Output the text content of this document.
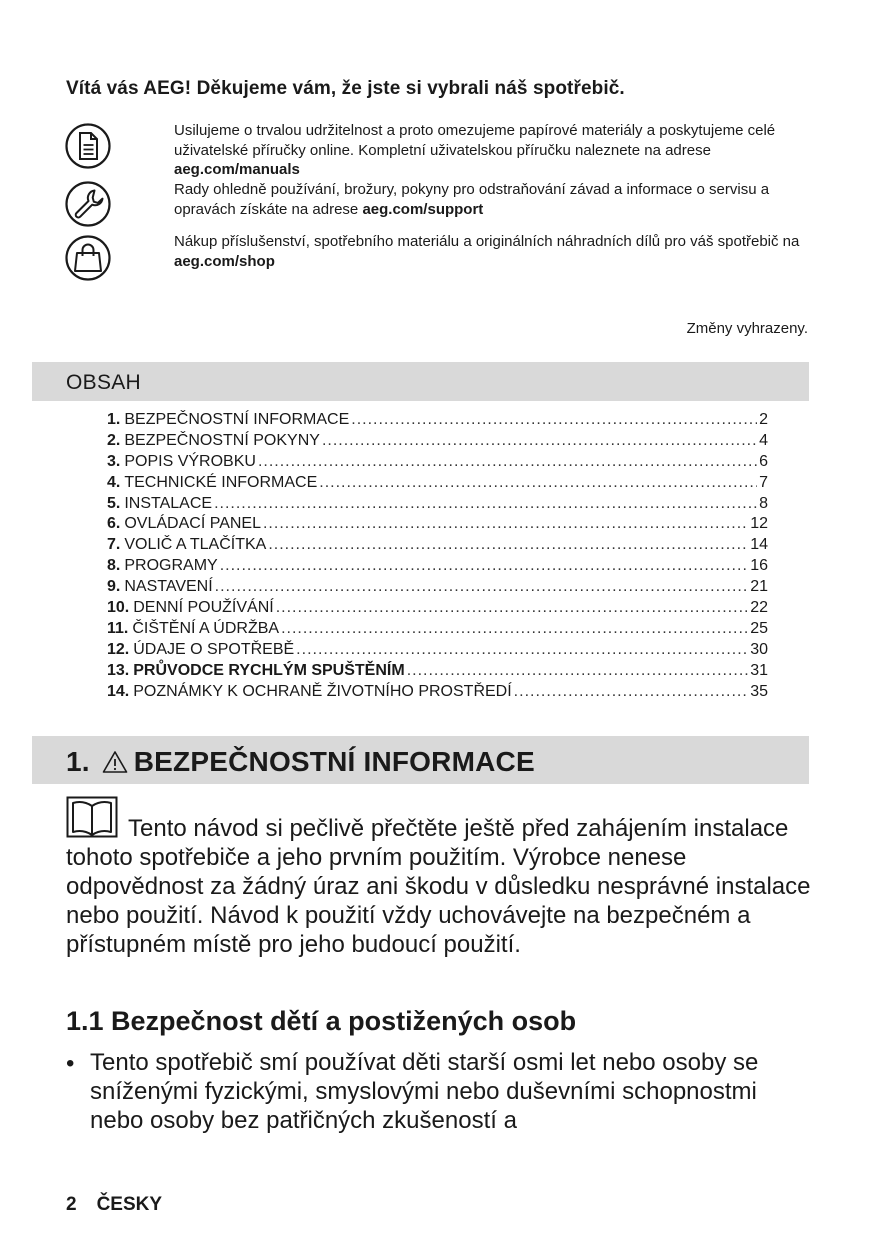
Vítá vás AEG! Děkujeme vám, že jste si vybrali náš spotřebič.
Usilujeme o trvalou udržitelnost a proto omezujeme papírové materiály a poskytujeme celé uživatelské příručky online. Kompletní uživatelskou příručku naleznete na adrese aeg.com/manuals
Rady ohledně používání, brožury, pokyny pro odstraňování závad a informace o servisu a opravách získáte na adrese aeg.com/support
Nákup příslušenství, spotřebního materiálu a originálních náhradních dílů pro váš spotřebič na aeg.com/shop
Změny vyhrazeny.
OBSAH
1. BEZPEČNOSTNÍ INFORMACE .....	2
2. BEZPEČNOSTNÍ POKYNY .....	4
3. POPIS VÝROBKU .....	6
4. TECHNICKÉ INFORMACE .....	7
5. INSTALACE .....	8
6. OVLÁDACÍ PANEL .....	12
7. VOLIČ A TLAČÍTKA .....	14
8. PROGRAMY .....	16
9. NASTAVENÍ .....	21
10. DENNÍ POUŽÍVÁNÍ .....	22
11. ČIŠTĚNÍ A ÚDRŽBA .....	25
12. ÚDAJE O SPOTŘEBĚ .....	30
13. PRŮVODCE RYCHLÝM SPUŠTĚNÍM .....	31
14. POZNÁMKY K OCHRANĚ ŽIVOTNÍHO PROSTŘEDÍ .....	35
1. BEZPEČNOSTNÍ INFORMACE
Tento návod si pečlivě přečtěte ještě před zahájením instalace tohoto spotřebiče a jeho prvním použitím. Výrobce nenese odpovědnost za žádný úraz ani škodu v důsledku nesprávné instalace nebo použití. Návod k použití vždy uchovávejte na bezpečném a přístupném místě pro jeho budoucí použití.
1.1 Bezpečnost dětí a postižených osob
• Tento spotřebič smí používat děti starší osmi let nebo osoby se sníženými fyzickými, smyslovými nebo duševními schopnostmi nebo osoby bez patřičných zkušeností a
2 ČESKY
